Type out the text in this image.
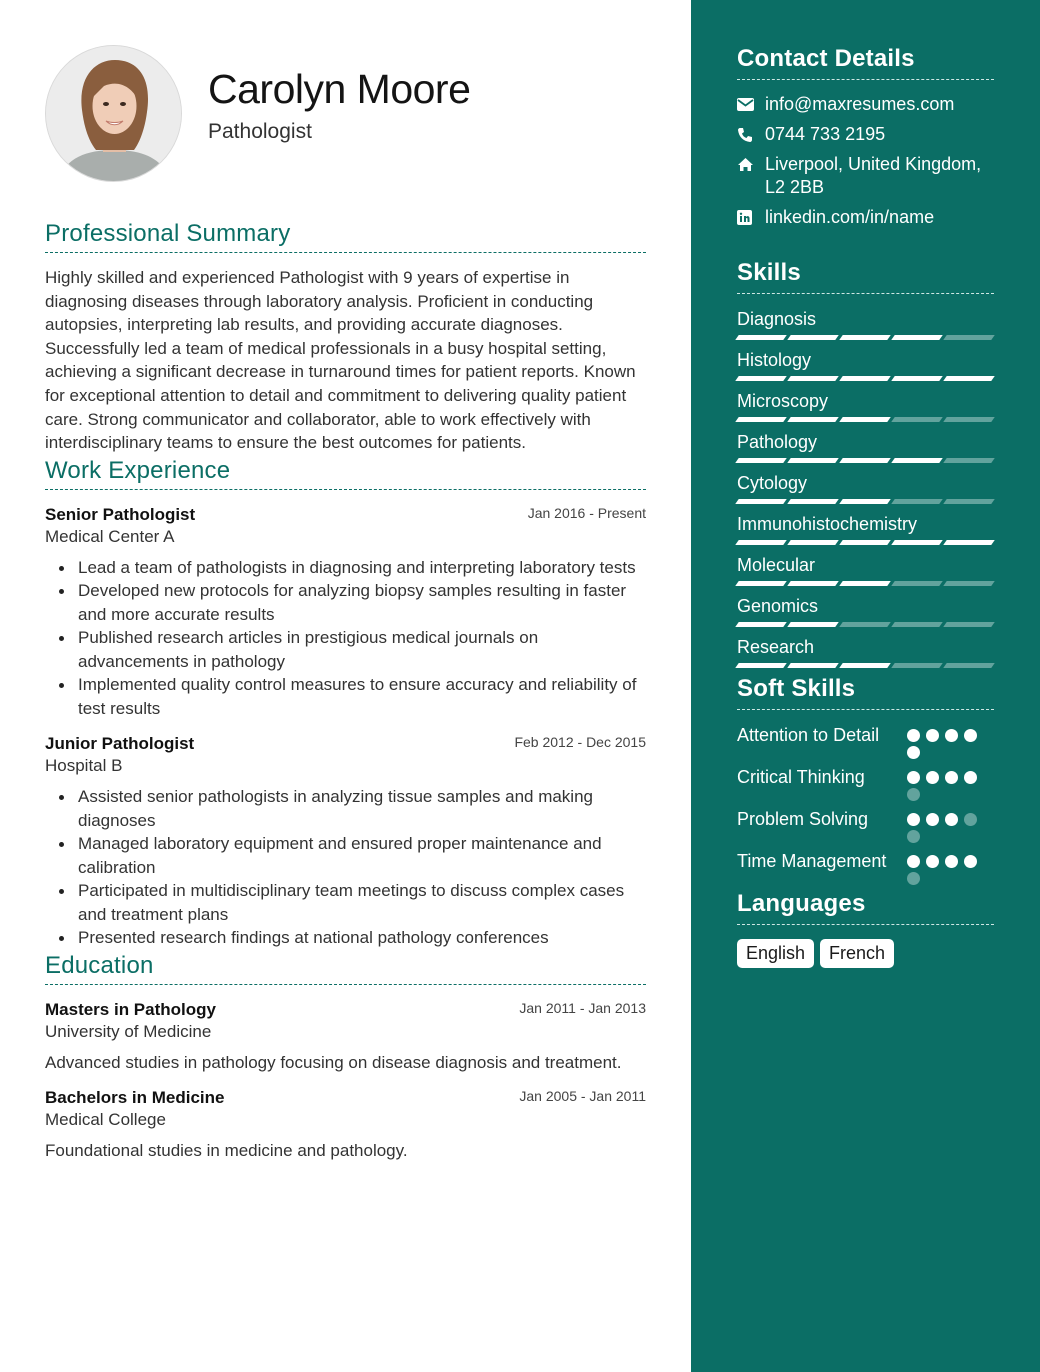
Carolyn Moore
Pathologist
Professional Summary

Highly skilled and experienced Pathologist with 9 years of expertise in diagnosing diseases through laboratory analysis. Proficient in conducting autopsies, interpreting lab results, and providing accurate diagnoses. Successfully led a team of medical professionals in a busy hospital setting, achieving a significant decrease in turnaround times for patient reports. Known for exceptional attention to detail and commitment to delivering quality patient care. Strong communicator and collaborator, able to work effectively with interdisciplinary teams to ensure the best outcomes for patients.

Work Experience
Senior Pathologist	Jan 2016 - Present
Medical Center A
Lead a team of pathologists in diagnosing and interpreting laboratory tests
Developed new protocols for analyzing biopsy samples resulting in faster and more accurate results
Published research articles in prestigious medical journals on advancements in pathology
Implemented quality control measures to ensure accuracy and reliability of test results
Junior Pathologist	Feb 2012 - Dec 2015
Hospital B
Assisted senior pathologists in analyzing tissue samples and making diagnoses
Managed laboratory equipment and ensured proper maintenance and calibration
Participated in multidisciplinary team meetings to discuss complex cases and treatment plans
Presented research findings at national pathology conferences
Education
Masters in Pathology	Jan 2011 - Jan 2013
University of Medicine

Advanced studies in pathology focusing on disease diagnosis and treatment.

Bachelors in Medicine	Jan 2005 - Jan 2011
Medical College

Foundational studies in medicine and pathology.

Contact Details
info@maxresumes.com
0744 733 2195
Liverpool, United Kingdom, L2 2BB
linkedin.com/in/name
Skills
Diagnosis
Histology
Microscopy
Pathology
Cytology
Immunohistochemistry
Molecular
Genomics
Research
Soft Skills
Attention to Detail
Critical Thinking
Problem Solving
Time Management
Languages
English	French
